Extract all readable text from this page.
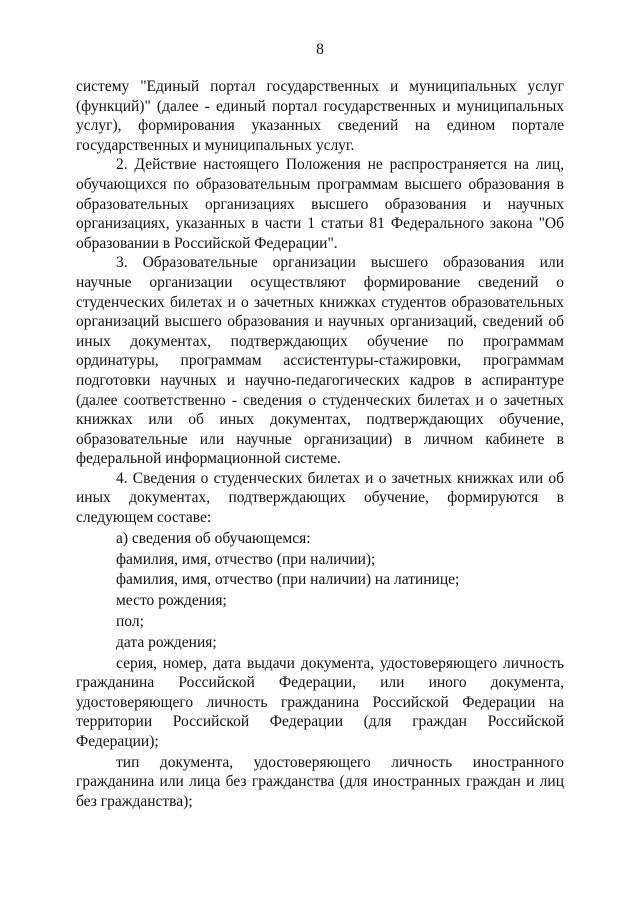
8

систему "Единый портал государственных и муниципальных услуг (функций)" (далее - единый портал государственных и муниципальных услуг), формирования указанных сведений на едином портале государственных и муниципальных услуг.

2. Действие настоящего Положения не распространяется на лиц, обучающихся по образовательным программам высшего образования в образовательных организациях высшего образования и научных организациях, указанных в части 1 статьи 81 Федерального закона "Об образовании в Российской Федерации".

3. Образовательные организации высшего образования или научные организации осуществляют формирование сведений о студенческих билетах и о зачетных книжках студентов образовательных организаций высшего образования и научных организаций, сведений об иных документах, подтверждающих обучение по программам ординатуры, программам ассистентуры-стажировки, программам подготовки научных и научно-педагогических кадров в аспирантуре (далее соответственно - сведения о студенческих билетах и о зачетных книжках или об иных документах, подтверждающих обучение, образовательные или научные организации) в личном кабинете в федеральной информационной системе.

4. Сведения о студенческих билетах и о зачетных книжках или об иных документах, подтверждающих обучение, формируются в следующем составе:

а) сведения об обучающемся:

фамилия, имя, отчество (при наличии);

фамилия, имя, отчество (при наличии) на латинице;

место рождения;

пол;

дата рождения;

серия, номер, дата выдачи документа, удостоверяющего личность гражданина Российской Федерации, или иного документа, удостоверяющего личность гражданина Российской Федерации на территории Российской Федерации (для граждан Российской Федерации);

тип документа, удостоверяющего личность иностранного гражданина или лица без гражданства (для иностранных граждан и лиц без гражданства);
